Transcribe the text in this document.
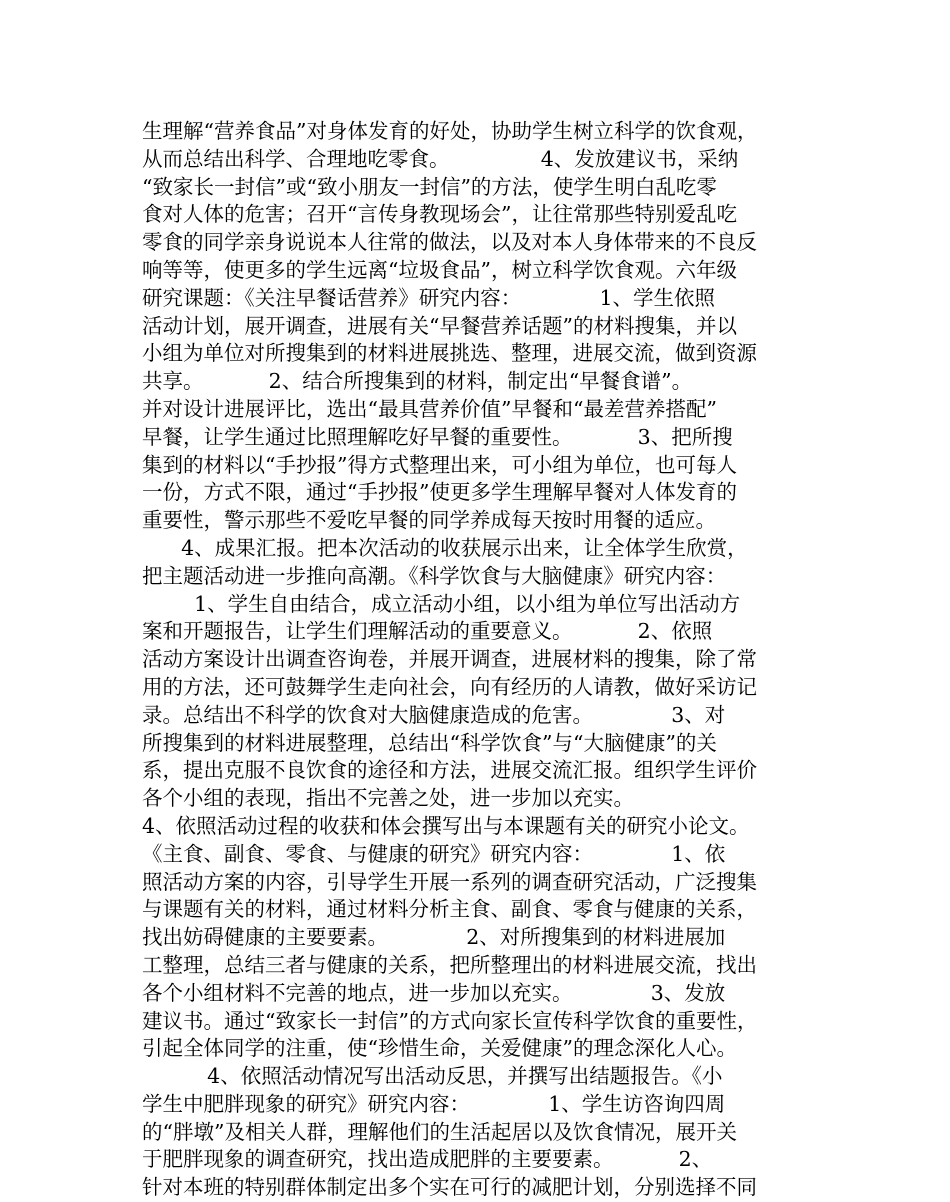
生理解“营养食品”对身体发育的好处，协助学生树立科学的饮食观，
从而总结出科学、合理地吃零食。              4、发放建议书，采纳
“致家长一封信”或“致小朋友一封信”的方法，使学生明白乱吃零
食对人体的危害；召开“言传身教现场会”，让往常那些特别爱乱吃
零食的同学亲身说说本人往常的做法，以及对本人身体带来的不良反
响等等，使更多的学生远离“垃圾食品”，树立科学饮食观。六年级
研究课题：《关注早餐话营养》研究内容：            1、学生依照
活动计划，展开调查，进展有关“早餐营养话题”的材料搜集，并以
小组为单位对所搜集到的材料进展挑选、整理，进展交流，做到资源
共享。          2、结合所搜集到的材料，制定出“早餐食谱”。
并对设计进展评比，选出“最具营养价值”早餐和“最差营养搭配”
早餐，让学生通过比照理解吃好早餐的重要性。          3、把所搜
集到的材料以“手抄报”得方式整理出来，可小组为单位，也可每人
一份，方式不限，通过“手抄报”使更多学生理解早餐对人体发育的
重要性，警示那些不爱吃早餐的同学养成每天按时用餐的适应。
4、成果汇报。把本次活动的收获展示出来，让全体学生欣赏，
把主题活动进一步推向高潮。《科学饮食与大脑健康》研究内容：
1、学生自由结合，成立活动小组，以小组为单位写出活动方
案和开题报告，让学生们理解活动的重要意义。          2、依照
活动方案设计出调查咨询卷，并展开调查，进展材料的搜集，除了常
用的方法，还可鼓舞学生走向社会，向有经历的人请教，做好采访记
录。总结出不科学的饮食对大脑健康造成的危害。            3、对
所搜集到的材料进展整理，总结出“科学饮食”与“大脑健康”的关
系，提出克服不良饮食的途径和方法，进展交流汇报。组织学生评价
各个小组的表现，指出不完善之处，进一步加以充实。
4、依照活动过程的收获和体会撰写出与本课题有关的研究小论文。
《主食、副食、零食、与健康的研究》研究内容：            1、依
照活动方案的内容，引导学生开展一系列的调查研究活动，广泛搜集
与课题有关的材料，通过材料分析主食、副食、零食与健康的关系，
找出妨碍健康的主要要素。            2、对所搜集到的材料进展加
工整理，总结三者与健康的关系，把所整理出的材料进展交流，找出
各个小组材料不完善的地点，进一步加以充实。            3、发放
建议书。通过“致家长一封信”的方式向家长宣传科学饮食的重要性，
引起全体同学的注重，使“珍惜生命，关爱健康”的理念深化人心。
4、依照活动情况写出活动反思，并撰写出结题报告。《小
学生中肥胖现象的研究》研究内容：            1、学生访咨询四周
的“胖墩”及相关人群，理解他们的生活起居以及饮食情况，展开关
于肥胖现象的调查研究，找出造成肥胖的主要要素。          2、
针对本班的特别群体制定出多个实在可行的减肥计划，分别选择不同
